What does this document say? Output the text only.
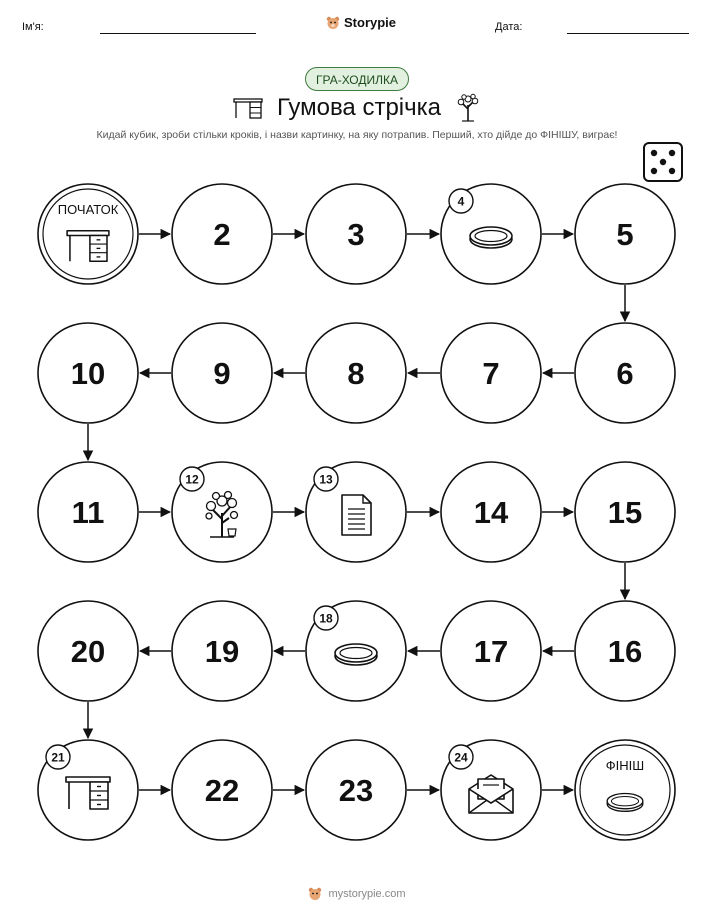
Ім'я:	Storypie	Дата:
ГРА-ХОДИЛКА
Гумова стрічка
Кидай кубик, зроби стільки кроків, і назви картинку, на яку потрапив. Перший, хто дійде до ФІНІШУ, виграє!
ПОЧАТОК
2	3
4
5
6
7
8
9
10
11
12	13
14	15
16
17
18
19
20
21
22	23
24
ФІНІШ
mystorypie.com
